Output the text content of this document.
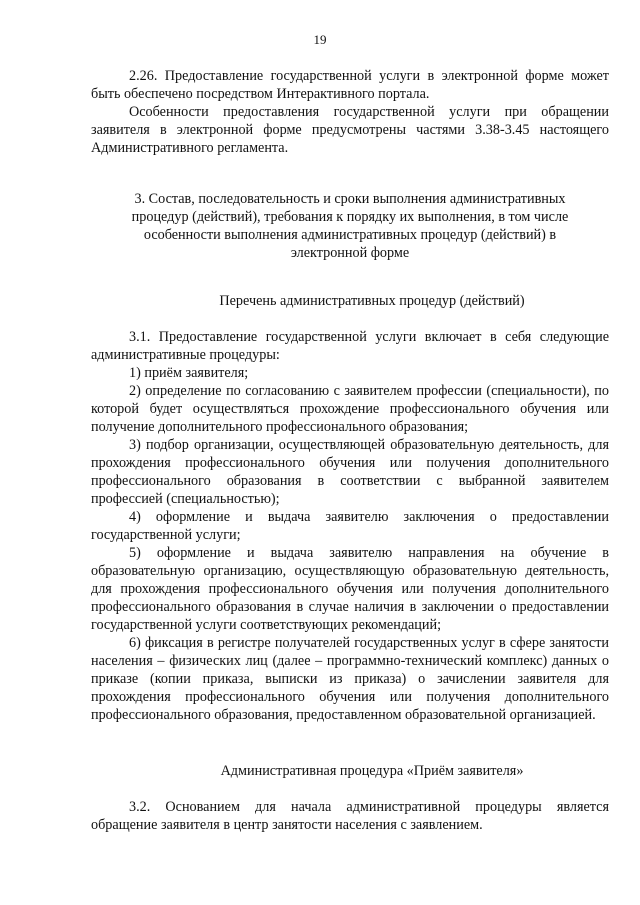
19

2.26. Предоставление государственной услуги в электронной форме может быть обеспечено посредством Интерактивного портала.

Особенности предоставления государственной услуги при обращении заявителя в электронной форме предусмотрены частями 3.38-3.45 настоящего Административного регламента.

3. Состав, последовательность и сроки выполнения административных
процедур (действий), требования к порядку их выполнения, в том числе
особенности выполнения административных процедур (действий) в
электронной форме
Перечень административных процедур (действий)

3.1. Предоставление государственной услуги включает в себя следующие административные процедуры:

1) приём заявителя;

2) определение по согласованию с заявителем профессии (специальности), по которой будет осуществляться прохождение профессионального обучения или получение дополнительного профессионального образования;

3) подбор организации, осуществляющей образовательную деятельность, для прохождения профессионального обучения или получения дополнительного профессионального образования в соответствии с выбранной заявителем профессией (специальностью);

4) оформление и выдача заявителю заключения о предоставлении государственной услуги;

5) оформление и выдача заявителю направления на обучение в образовательную организацию, осуществляющую образовательную деятельность, для прохождения профессионального обучения или получения дополнительного профессионального образования в случае наличия в заключении о предоставлении государственной услуги соответствующих рекомендаций;

6) фиксация в регистре получателей государственных услуг в сфере занятости населения – физических лиц (далее – программно-технический комплекс) данных о приказе (копии приказа, выписки из приказа) о зачислении заявителя для прохождения профессионального обучения или получения дополнительного профессионального образования, предоставленном образовательной организацией.

Административная процедура «Приём заявителя»

3.2. Основанием для начала административной процедуры является обращение заявителя в центр занятости населения с заявлением.
